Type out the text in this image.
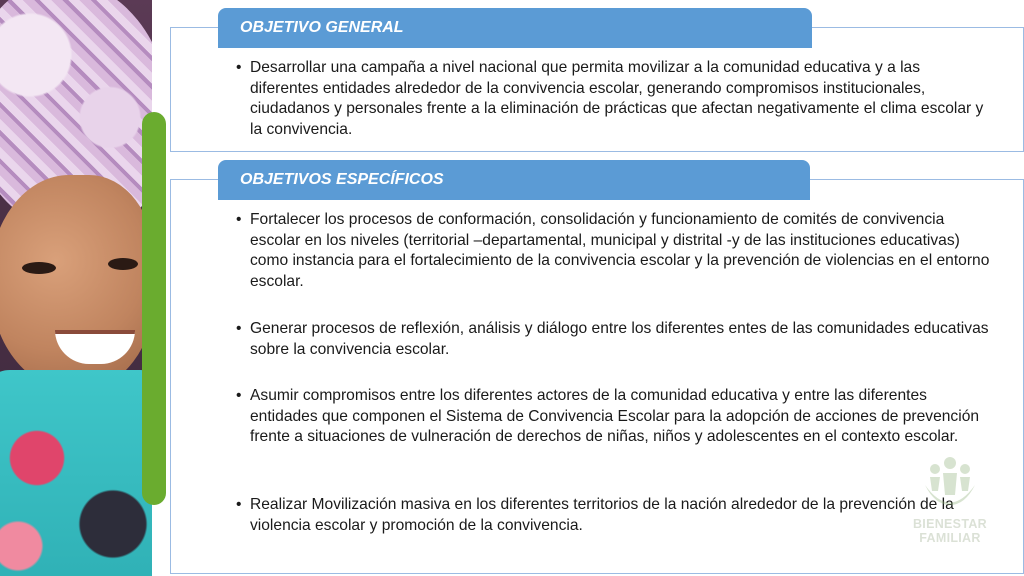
OBJETIVO GENERAL
• Desarrollar una campaña a nivel nacional que permita movilizar a la comunidad educativa y a las diferentes entidades alrededor de la convivencia escolar, generando compromisos institucionales, ciudadanos y personales frente a la eliminación de prácticas que afectan negativamente el clima escolar y la convivencia.
OBJETIVOS ESPECÍFICOS
• Fortalecer los procesos de conformación, consolidación y funcionamiento de comités de convivencia escolar en los niveles (territorial –departamental, municipal y distrital -y de las instituciones educativas) como instancia para el fortalecimiento de la convivencia escolar y la prevención de violencias en el entorno escolar.
• Generar procesos de reflexión, análisis y diálogo entre los diferentes entes de las comunidades educativas sobre la convivencia escolar.
• Asumir compromisos entre los diferentes actores de la comunidad educativa y entre las diferentes entidades que componen el Sistema de Convivencia Escolar para la adopción de acciones de prevención frente a situaciones de vulneración de derechos de niñas, niños y adolescentes en el contexto escolar.
• Realizar Movilización masiva en los diferentes territorios de la nación alrededor de la prevención de la violencia escolar y promoción de la convivencia.	BIENESTAR
FAMILIAR
